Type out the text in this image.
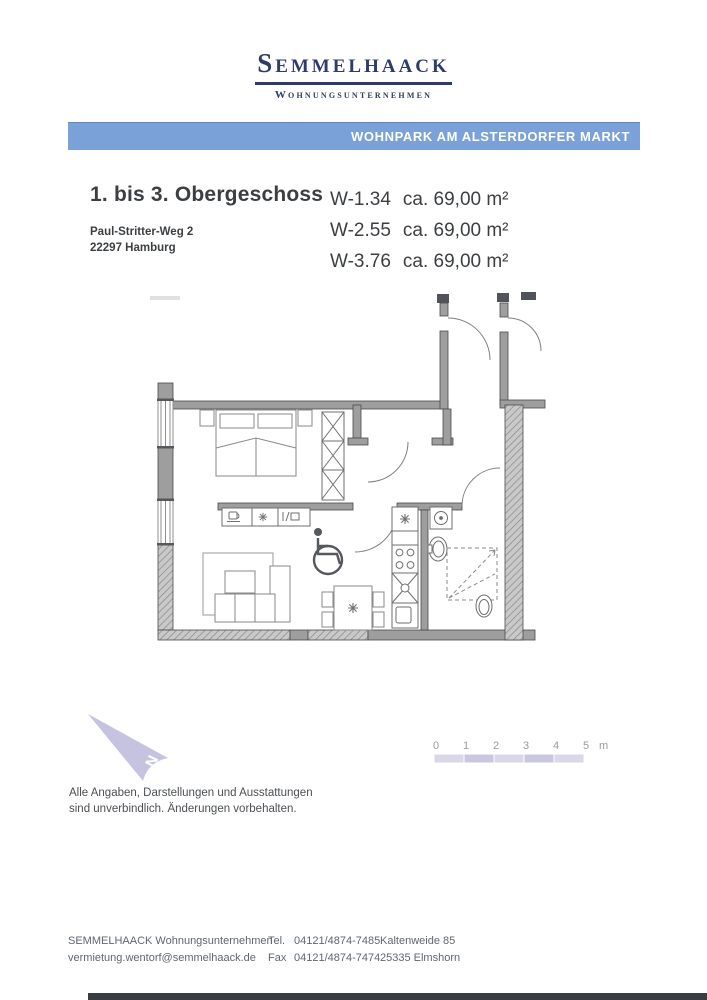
Semmelhaack
Wohnungsunternehmen
WOHNPARK AM ALSTERDORFER MARKT
1. bis 3. Obergeschoss
Paul-Stritter-Weg 2
22297 Hamburg
W-1.34 ca. 69,00 m²
W-2.55 ca. 69,00 m²
W-3.76 ca. 69,00 m²
N
0 1 2 3 4 5 m
Alle Angaben, Darstellungen und Ausstattungen
sind unverbindlich. Änderungen vorbehalten.
SEMMELHAACK Wohnungsunternehmen
vermietung.wentorf@semmelhaack.de
Tel. 04121/4874-7485
Fax 04121/4874-7474
Kaltenweide 85
25335 Elmshorn
